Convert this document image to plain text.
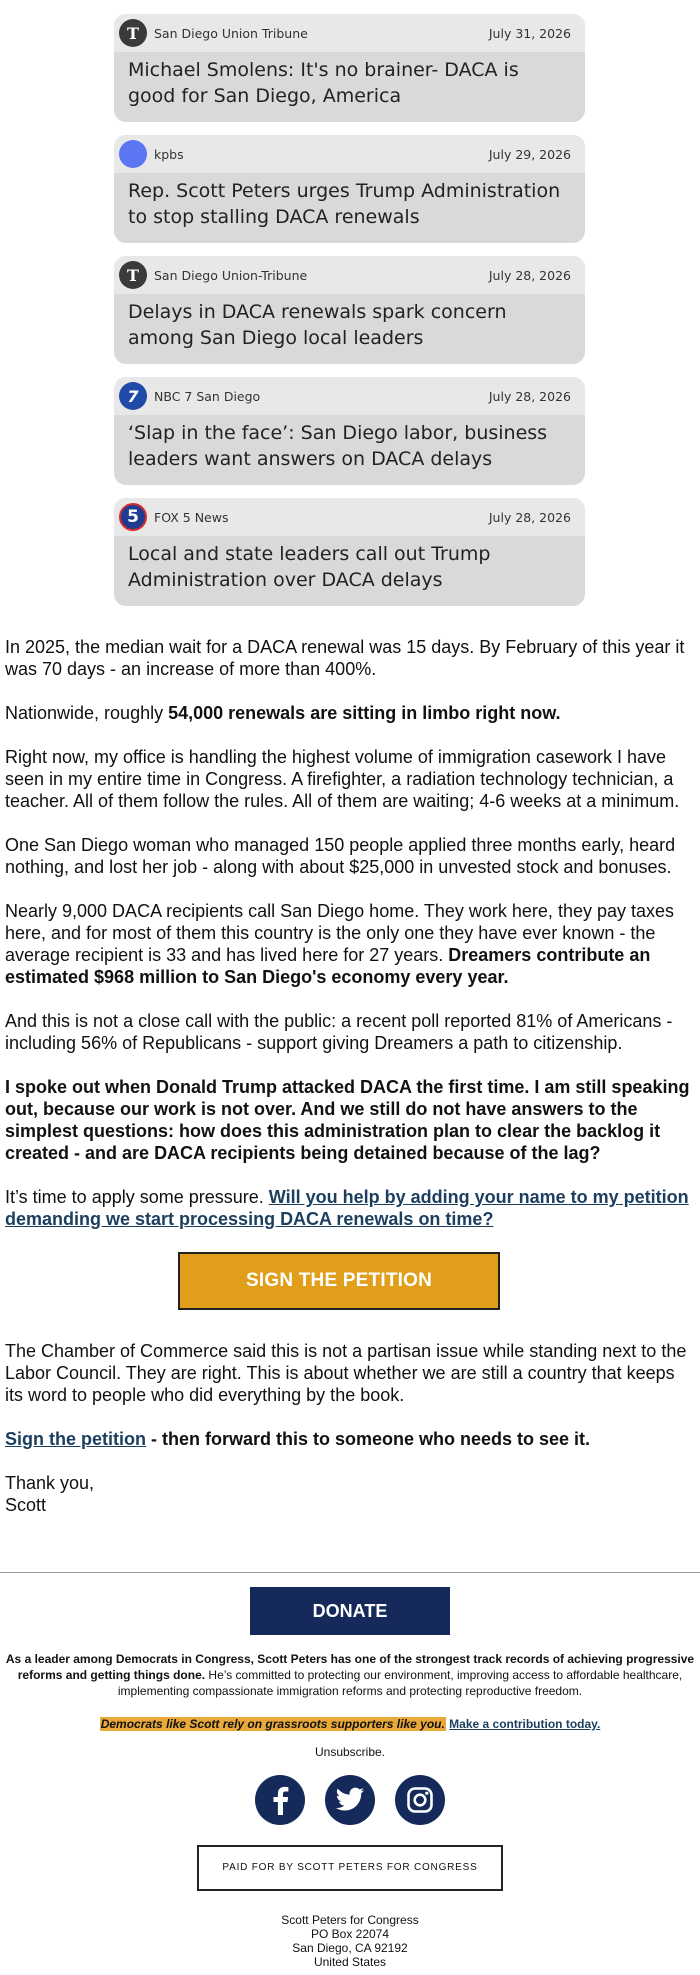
T	San Diego Union Tribune	July 31, 2026
Michael Smolens: It's no brainer- DACA is good for San Diego, America
kpbs	July 29, 2026
Rep. Scott Peters urges Trump Administration to stop stalling DACA renewals
T	San Diego Union-Tribune	July 28, 2026
Delays in DACA renewals spark concern among San Diego local leaders
7	NBC 7 San Diego	July 28, 2026
‘Slap in the face’: San Diego labor, business leaders want answers on DACA delays
5	FOX 5 News	July 28, 2026
Local and state leaders call out Trump Administration over DACA delays

In 2025, the median wait for a DACA renewal was 15 days. By February of this year it was 70 days - an increase of more than 400%.

Nationwide, roughly 54,000 renewals are sitting in limbo right now.

Right now, my office is handling the highest volume of immigration casework I have seen in my entire time in Congress. A firefighter, a radiation technology technician, a teacher. All of them follow the rules. All of them are waiting; 4-6 weeks at a minimum.

One San Diego woman who managed 150 people applied three months early, heard nothing, and lost her job - along with about $25,000 in unvested stock and bonuses.

Nearly 9,000 DACA recipients call San Diego home. They work here, they pay taxes here, and for most of them this country is the only one they have ever known - the average recipient is 33 and has lived here for 27 years. Dreamers contribute an estimated $968 million to San Diego's economy every year.

And this is not a close call with the public: a recent poll reported 81% of Americans - including 56% of Republicans - support giving Dreamers a path to citizenship.

I spoke out when Donald Trump attacked DACA the first time. I am still speaking out, because our work is not over. And we still do not have answers to the simplest questions: how does this administration plan to clear the backlog it created - and are DACA recipients being detained because of the lag?

It’s time to apply some pressure. Will you help by adding your name to my petition demanding we start processing DACA renewals on time?

SIGN THE PETITION

The Chamber of Commerce said this is not a partisan issue while standing next to the Labor Council. They are right. This is about whether we are still a country that keeps its word to people who did everything by the book.

Sign the petition - then forward this to someone who needs to see it.

Thank you,
Scott

DONATE
As a leader among Democrats in Congress, Scott Peters has one of the strongest track records of achieving progressive reforms and getting things done. He’s committed to protecting our environment, improving access to affordable healthcare, implementing compassionate immigration reforms and protecting reproductive freedom.
Democrats like Scott rely on grassroots supporters like you. Make a contribution today.
Unsubscribe.
PAID FOR BY SCOTT PETERS FOR CONGRESS
Scott Peters for Congress
PO Box 22074
San Diego, CA 92192
United States
